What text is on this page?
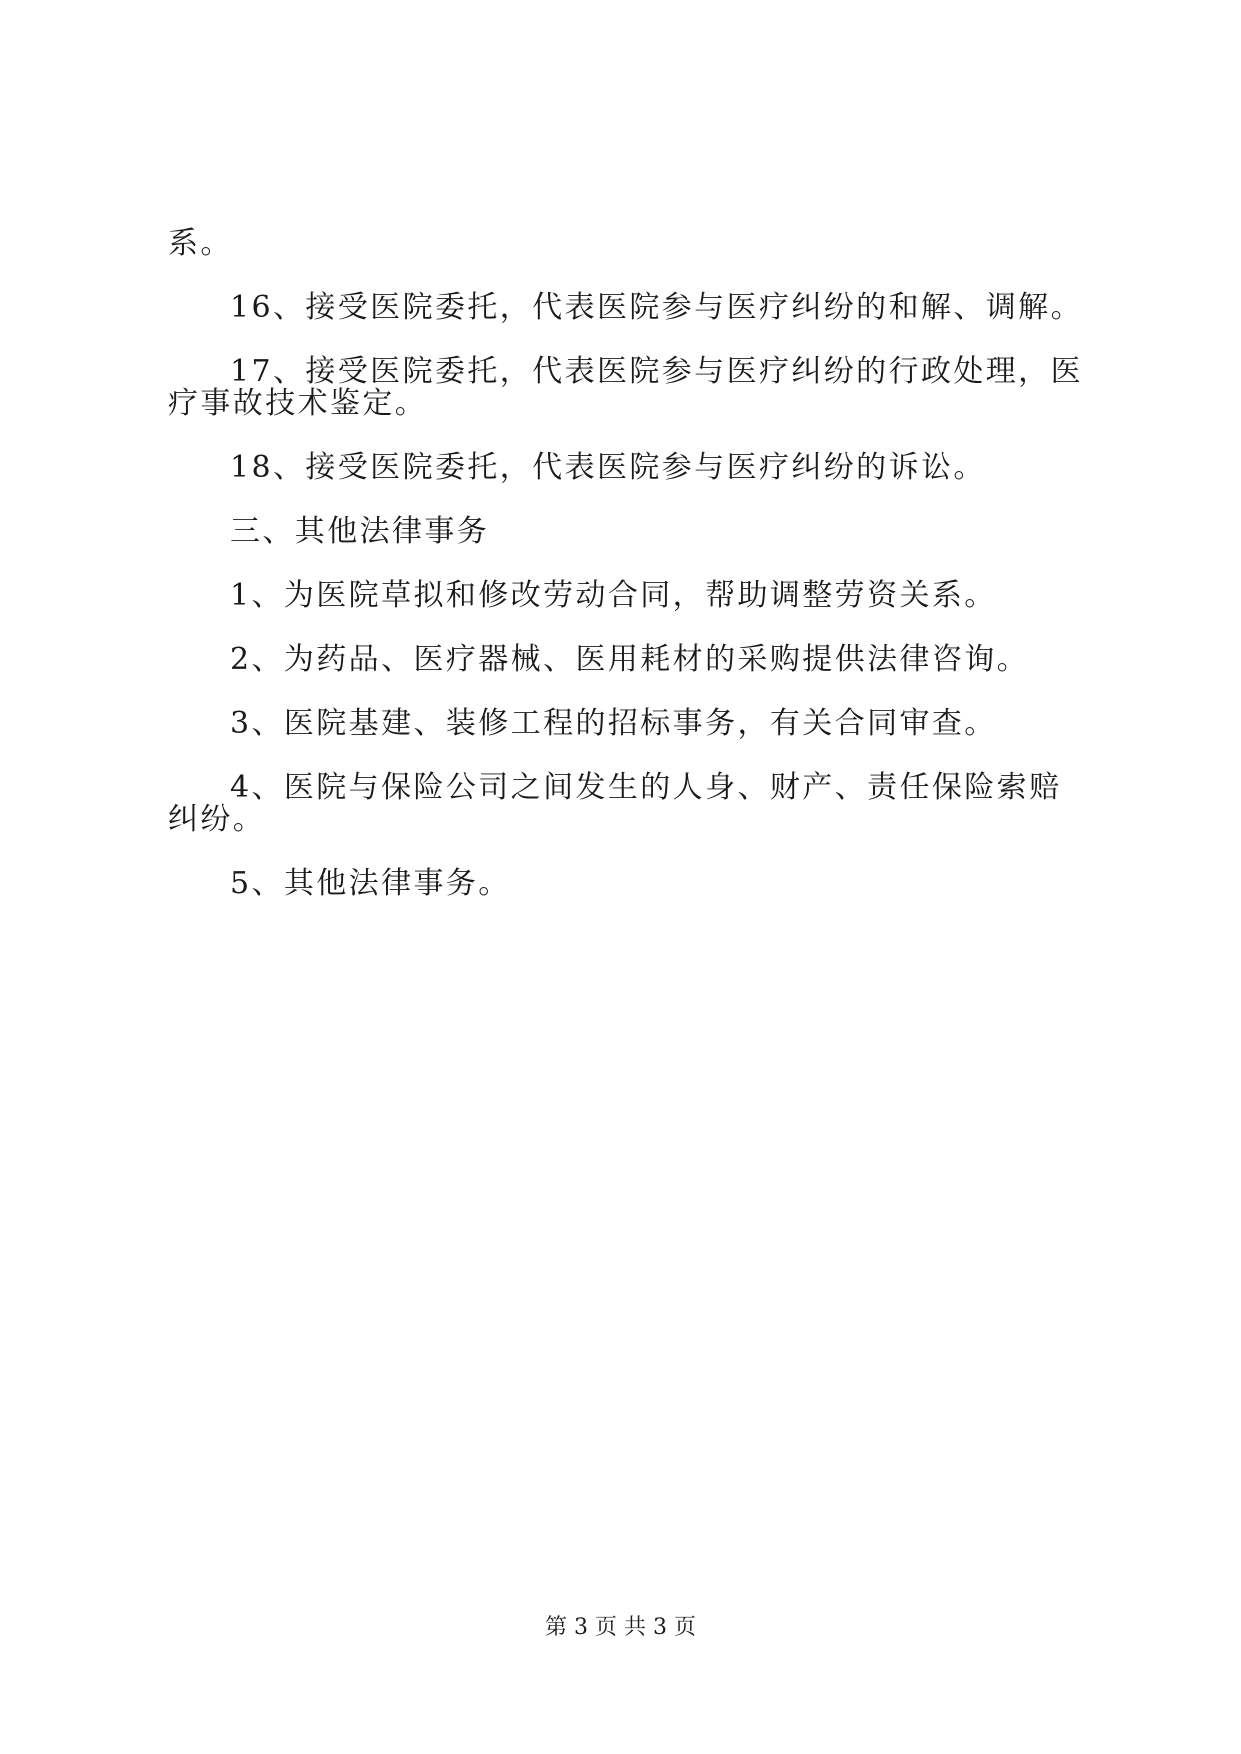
系。

16、接受医院委托，代表医院参与医疗纠纷的和解、调解。

17、接受医院委托，代表医院参与医疗纠纷的行政处理，医疗事故技术鉴定。

18、接受医院委托，代表医院参与医疗纠纷的诉讼。

三、其他法律事务

1、为医院草拟和修改劳动合同，帮助调整劳资关系。

2、为药品、医疗器械、医用耗材的采购提供法律咨询。

3、医院基建、装修工程的招标事务，有关合同审查。

4、医院与保险公司之间发生的人身、财产、责任保险索赔纠纷。

5、其他法律事务。

第 3 页 共 3 页
